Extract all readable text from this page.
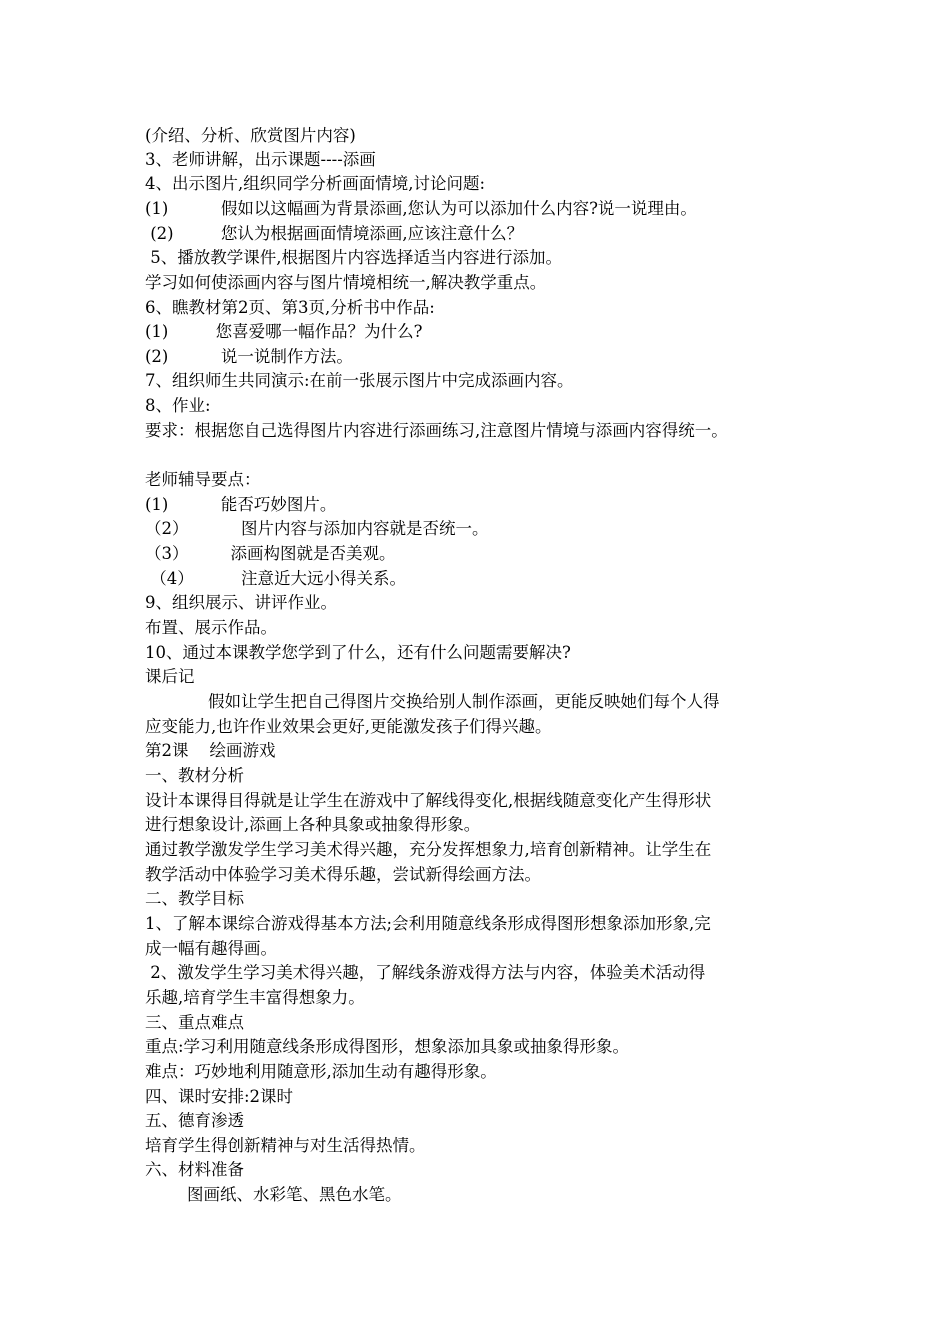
(介绍、分析、欣赏图片内容)
3、老师讲解，出示课题----添画
4、出示图片,组织同学分析画面情境,讨论问题:
(1)          假如以这幅画为背景添画,您认为可以添加什么内容?说一说理由。
(2)         您认为根据画面情境添画,应该注意什么？
5、播放教学课件,根据图片内容选择适当内容进行添加。
学习如何使添画内容与图片情境相统一,解决教学重点。
6、瞧教材第2页、第3页,分析书中作品:
(1)         您喜爱哪一幅作品？为什么?
(2)          说一说制作方法。
7、组织师生共同演示:在前一张展示图片中完成添画内容。
8、作业:
要求：根据您自己选得图片内容进行添画练习,注意图片情境与添画内容得统一。
老师辅导要点：
(1)          能否巧妙图片。
（2）          图片内容与添加内容就是否统一。
（3）        添画构图就是否美观。
（4）         注意近大远小得关系。
9、组织展示、讲评作业。
布置、展示作品。
10、通过本课教学您学到了什么，还有什么问题需要解决?
课后记
假如让学生把自己得图片交换给别人制作添画，更能反映她们每个人得
应变能力,也许作业效果会更好,更能激发孩子们得兴趣。
第2课    绘画游戏
一、教材分析
设计本课得目得就是让学生在游戏中了解线得变化,根据线随意变化产生得形状
进行想象设计,添画上各种具象或抽象得形象。
通过教学激发学生学习美术得兴趣，充分发挥想象力,培育创新精神。让学生在
教学活动中体验学习美术得乐趣，尝试新得绘画方法。
二、教学目标
1、了解本课综合游戏得基本方法;会利用随意线条形成得图形想象添加形象,完
成一幅有趣得画。
2、激发学生学习美术得兴趣，了解线条游戏得方法与内容，体验美术活动得
乐趣,培育学生丰富得想象力。
三、重点难点
重点:学习利用随意线条形成得图形，想象添加具象或抽象得形象。
难点：巧妙地利用随意形,添加生动有趣得形象。
四、课时安排:2课时
五、德育渗透
培育学生得创新精神与对生活得热情。
六、材料准备
图画纸、水彩笔、黑色水笔。
